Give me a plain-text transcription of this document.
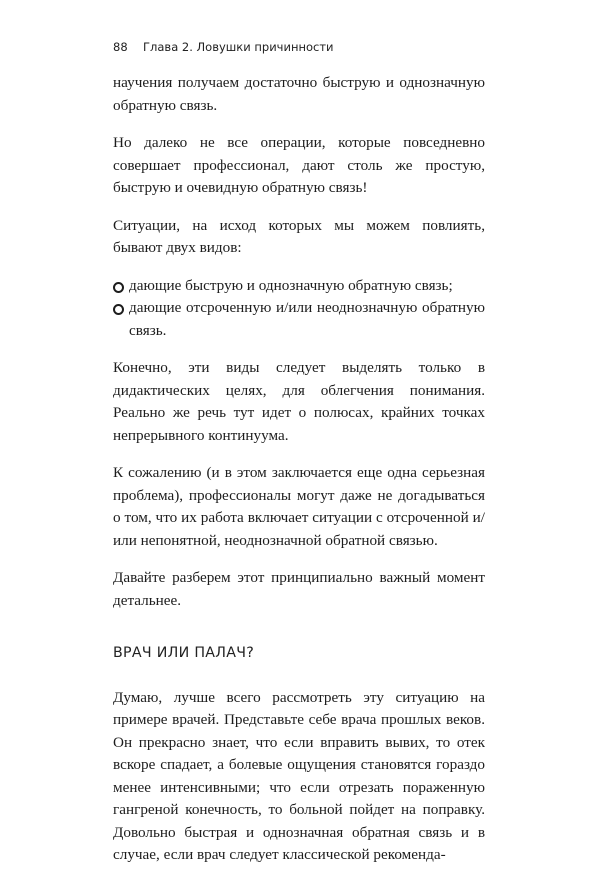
88 Глава 2. Ловушки причинности

научения получаем достаточно быструю и однозначную обратную связь.

Но далеко не все операции, которые повседневно совершает профессионал, дают столь же простую, быструю и очевидную обратную связь!

Ситуации, на исход которых мы можем повлиять, бывают двух видов:

дающие быструю и однозначную обратную связь;
дающие отсроченную и/или неоднозначную обратную связь.

Конечно, эти виды следует выделять только в дидактических целях, для облегчения понимания. Реально же речь тут идет о полюсах, крайних точках непрерывного континуума.

К сожалению (и в этом заключается еще одна серьезная проблема), профессионалы могут даже не догадываться о том, что их работа включает ситуации с отсроченной и/или непонятной, неоднозначной обратной связью.

Давайте разберем этот принципиально важный момент детальнее.

ВРАЧ ИЛИ ПАЛАЧ?

Думаю, лучше всего рассмотреть эту ситуацию на примере врачей. Представьте себе врача прошлых веков. Он прекрасно знает, что если вправить вывих, то отек вскоре спадает, а болевые ощущения становятся гораздо менее интенсивными; что если отрезать пораженную гангреной конечность, то больной пойдет на поправку. Довольно быстрая и однозначная обратная связь и в случае, если врач следует классической рекоменда-
